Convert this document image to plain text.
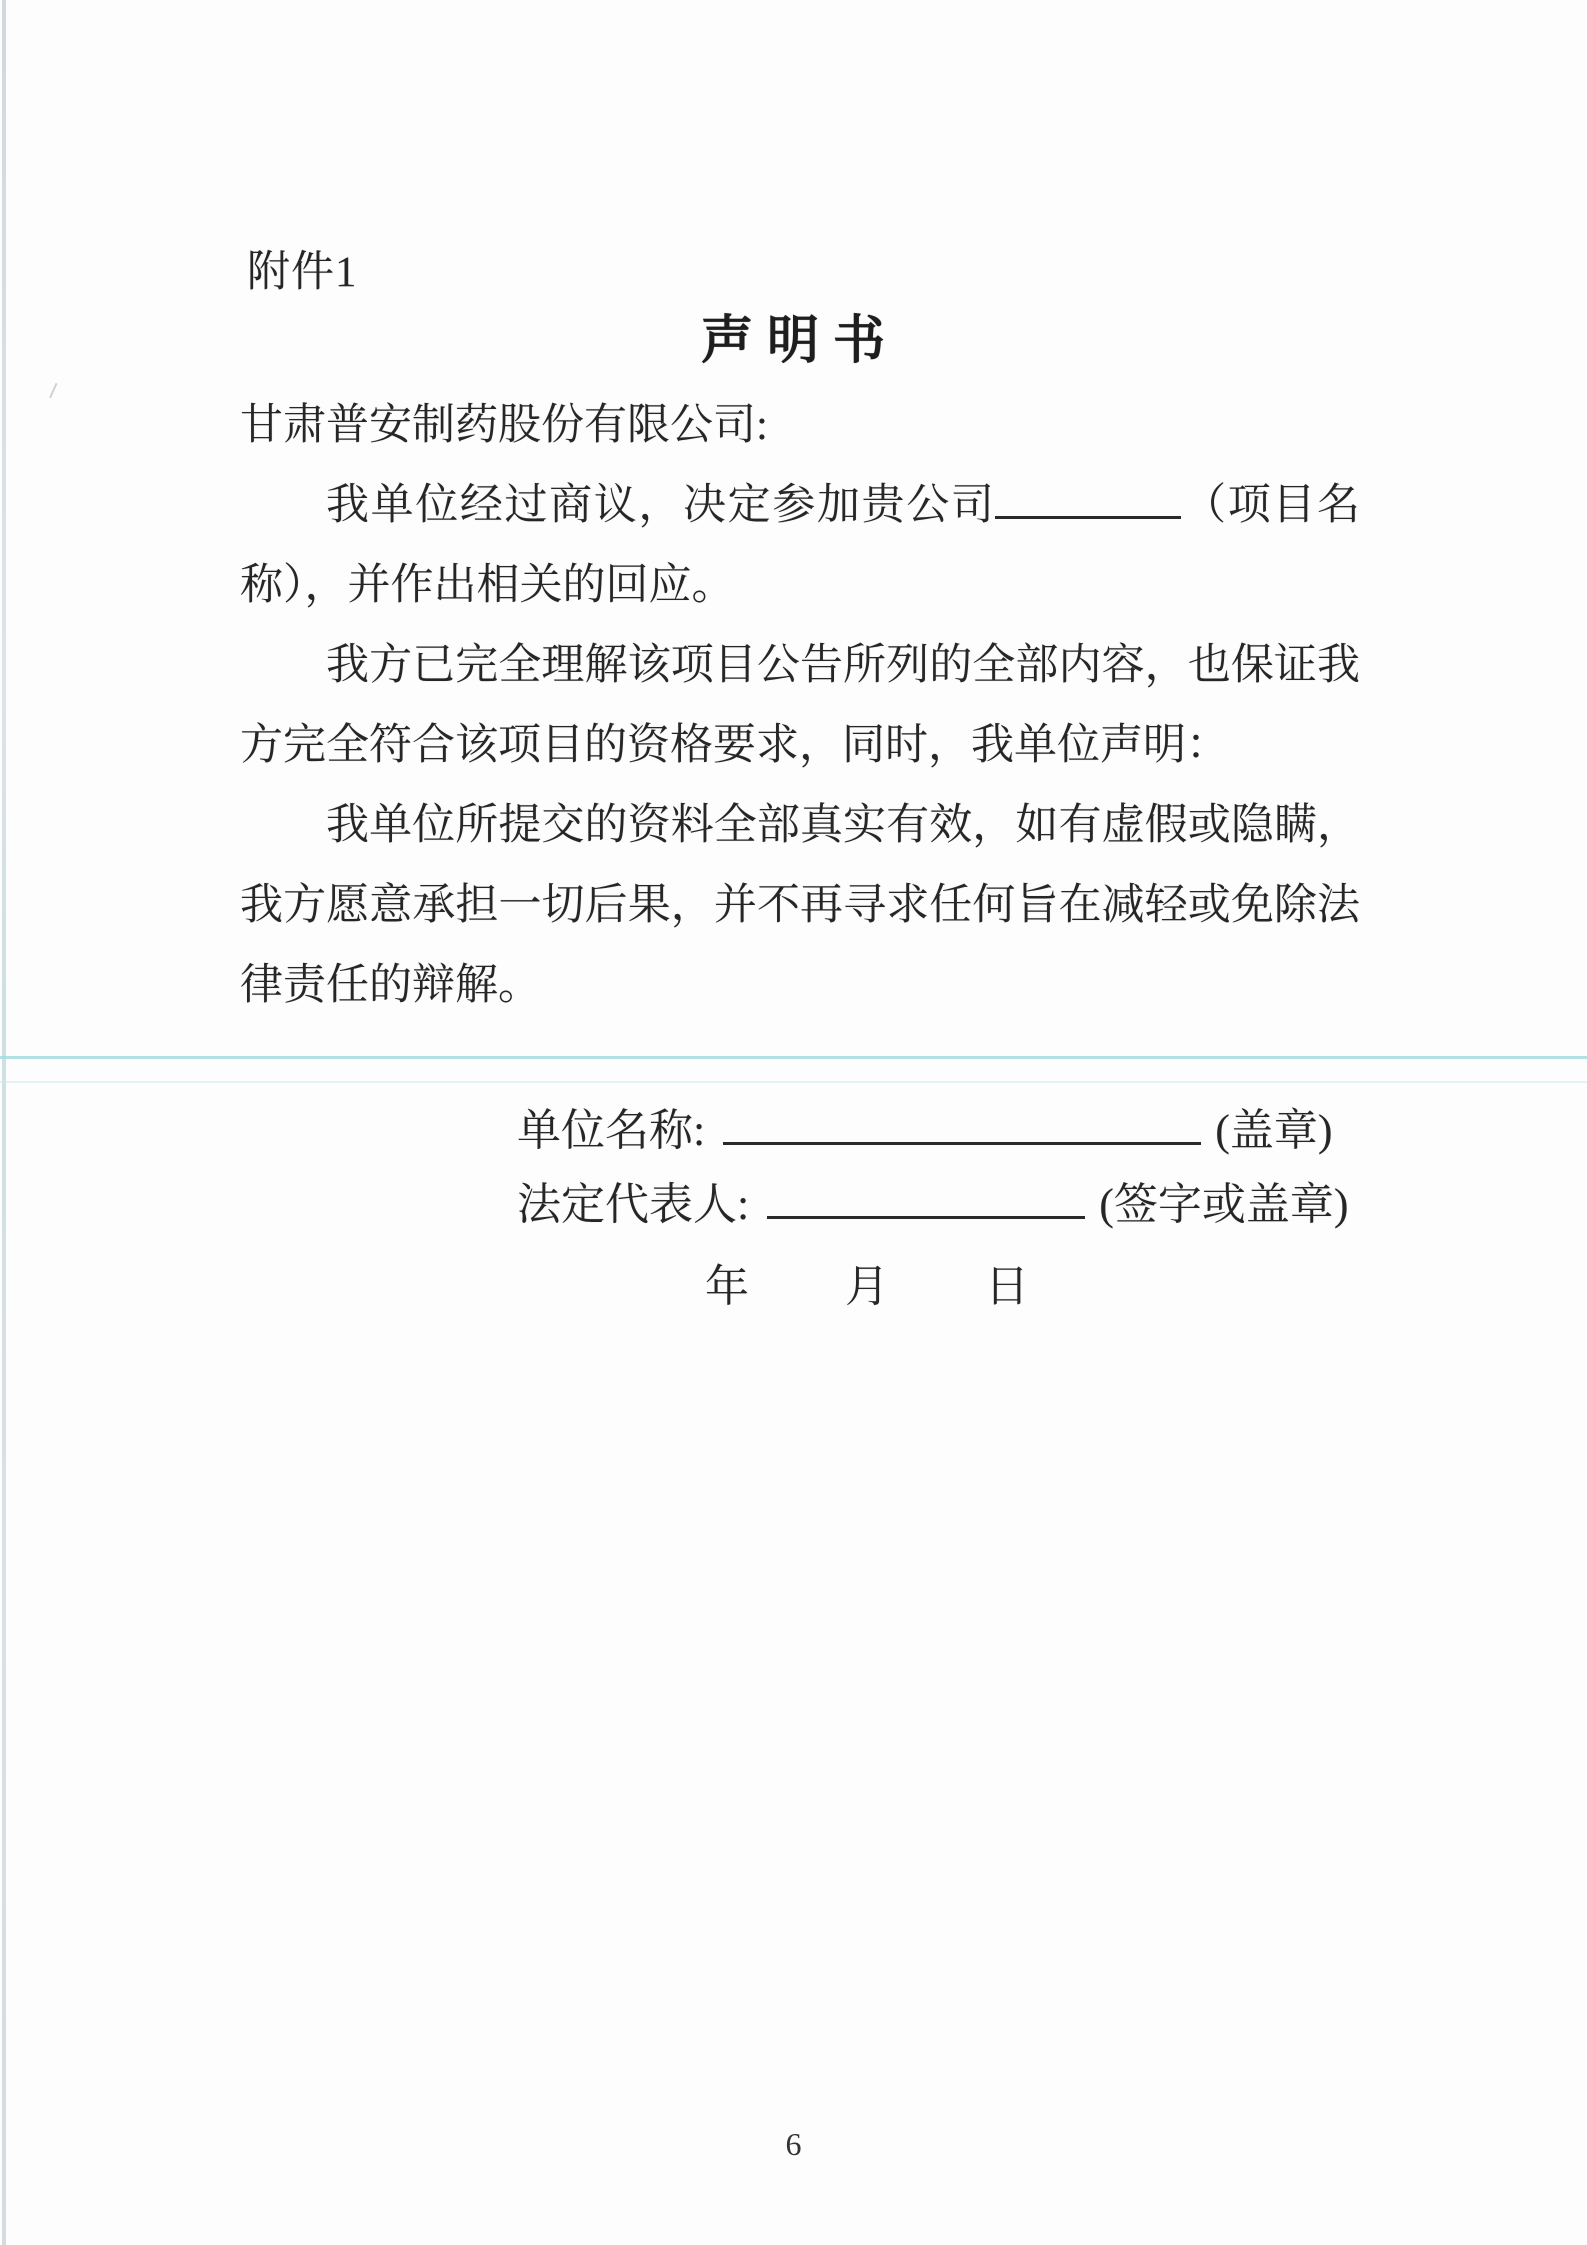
附件1
声明书

甘肃普安制药股份有限公司:

我单位经过商议，决定参加贵公司	（项目名称），并作出相关的回应。

我方已完全理解该项目公告所列的全部内容，也保证我方完全符合该项目的资格要求，同时，我单位声明：

我单位所提交的资料全部真实有效，如有虚假或隐瞒，我方愿意承担一切后果，并不再寻求任何旨在减轻或免除法律责任的辩解。

单位名称:	(盖章)
法定代表人:	(签字或盖章)
年 月 日
6
